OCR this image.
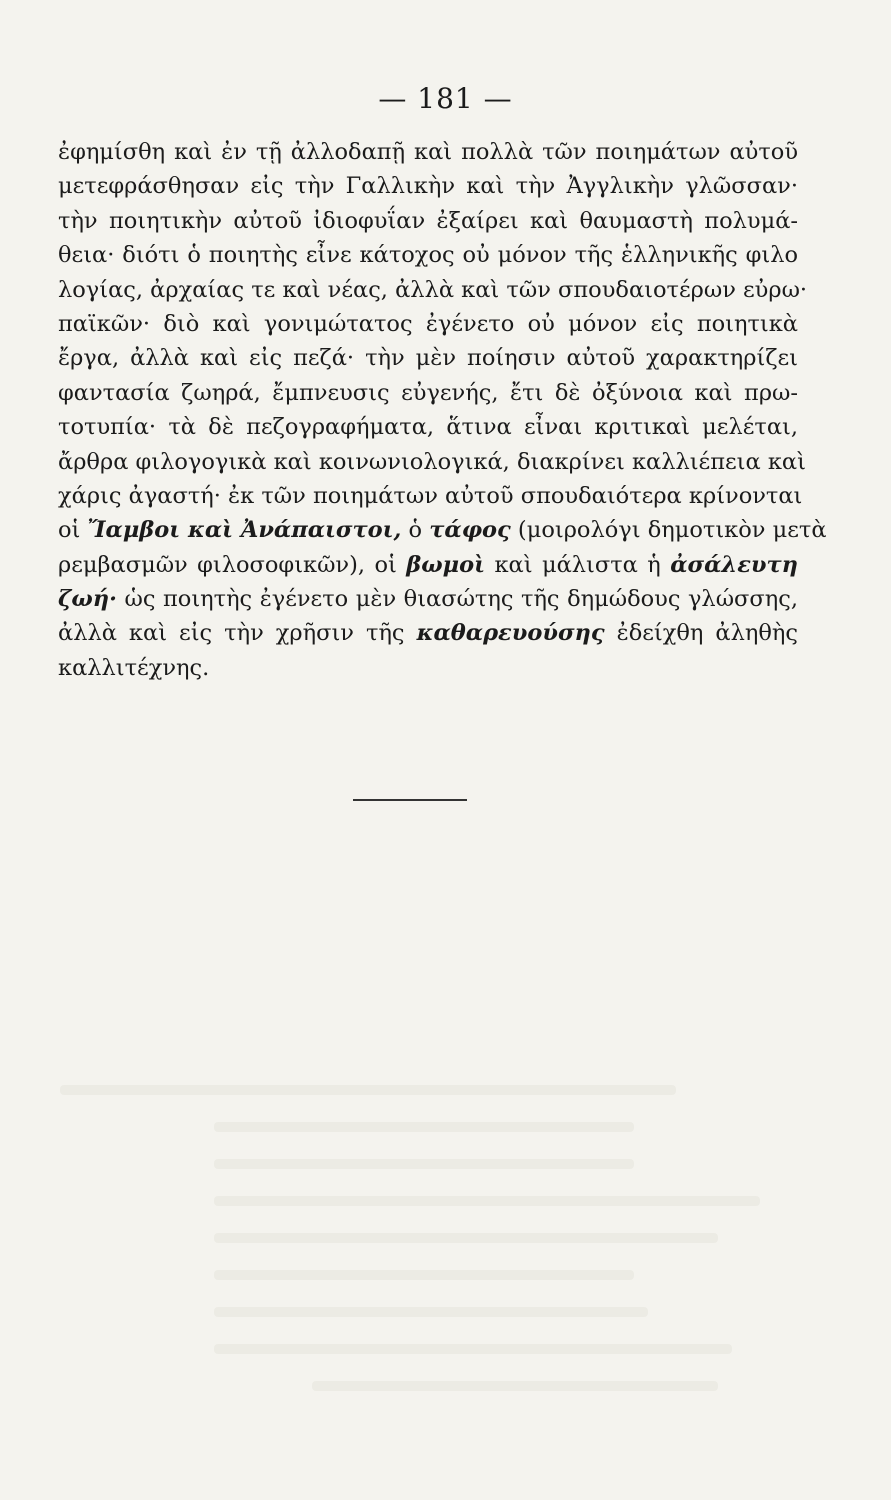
— 181 —
ἐφημίσθη καὶ ἐν τῇ ἀλλοδαπῇ καὶ πολλὰ τῶν ποιημάτων αὐτοῦ
μετεφράσθησαν εἰς τὴν Γαλλικὴν καὶ τὴν Ἀγγλικὴν γλῶσσαν·
τὴν ποιητικὴν αὐτοῦ ἰδιοφυΐαν ἐξαίρει καὶ θαυμαστὴ πολυμά-
θεια· διότι ὁ ποιητὴς εἶνε κάτοχος οὐ μόνον τῆς ἑλληνικῆς φιλο
λογίας, ἀρχαίας τε καὶ νέας, ἀλλὰ καὶ τῶν σπουδαιοτέρων εὐρω·
παϊκῶν· διὸ καὶ γονιμώτατος ἐγένετο οὐ μόνον εἰς ποιητικὰ
ἔργα, ἀλλὰ καὶ εἰς πεζά· τὴν μὲν ποίησιν αὐτοῦ χαρακτηρίζει
φαντασία ζωηρά, ἔμπνευσις εὐγενής, ἔτι δὲ ὀξύνοια καὶ πρω-
τοτυπία· τὰ δὲ πεζογραφήματα, ἅτινα εἶναι κριτικαὶ μελέται,
ἄρθρα φιλογογικὰ καὶ κοινωνιολογικά, διακρίνει καλλιέπεια καὶ
χάρις ἀγαστή· ἐκ τῶν ποιημάτων αὐτοῦ σπουδαιότερα κρίνονται
οἱ Ἴαμβοι καὶ Ἀνάπαιστοι, ὁ τάφος (μοιρολόγι δημοτικὸν μετὰ
ρεμβασμῶν φιλοσοφικῶν), οἱ βωμοὶ καὶ μάλιστα ἡ ἀσάλευτη
ζωή· ὡς ποιητὴς ἐγένετο μὲν θιασώτης τῆς δημώδους γλώσσης,
ἀλλὰ καὶ εἰς τὴν χρῆσιν τῆς καθαρευούσης ἐδείχθη ἀληθὴς
καλλιτέχνης.
